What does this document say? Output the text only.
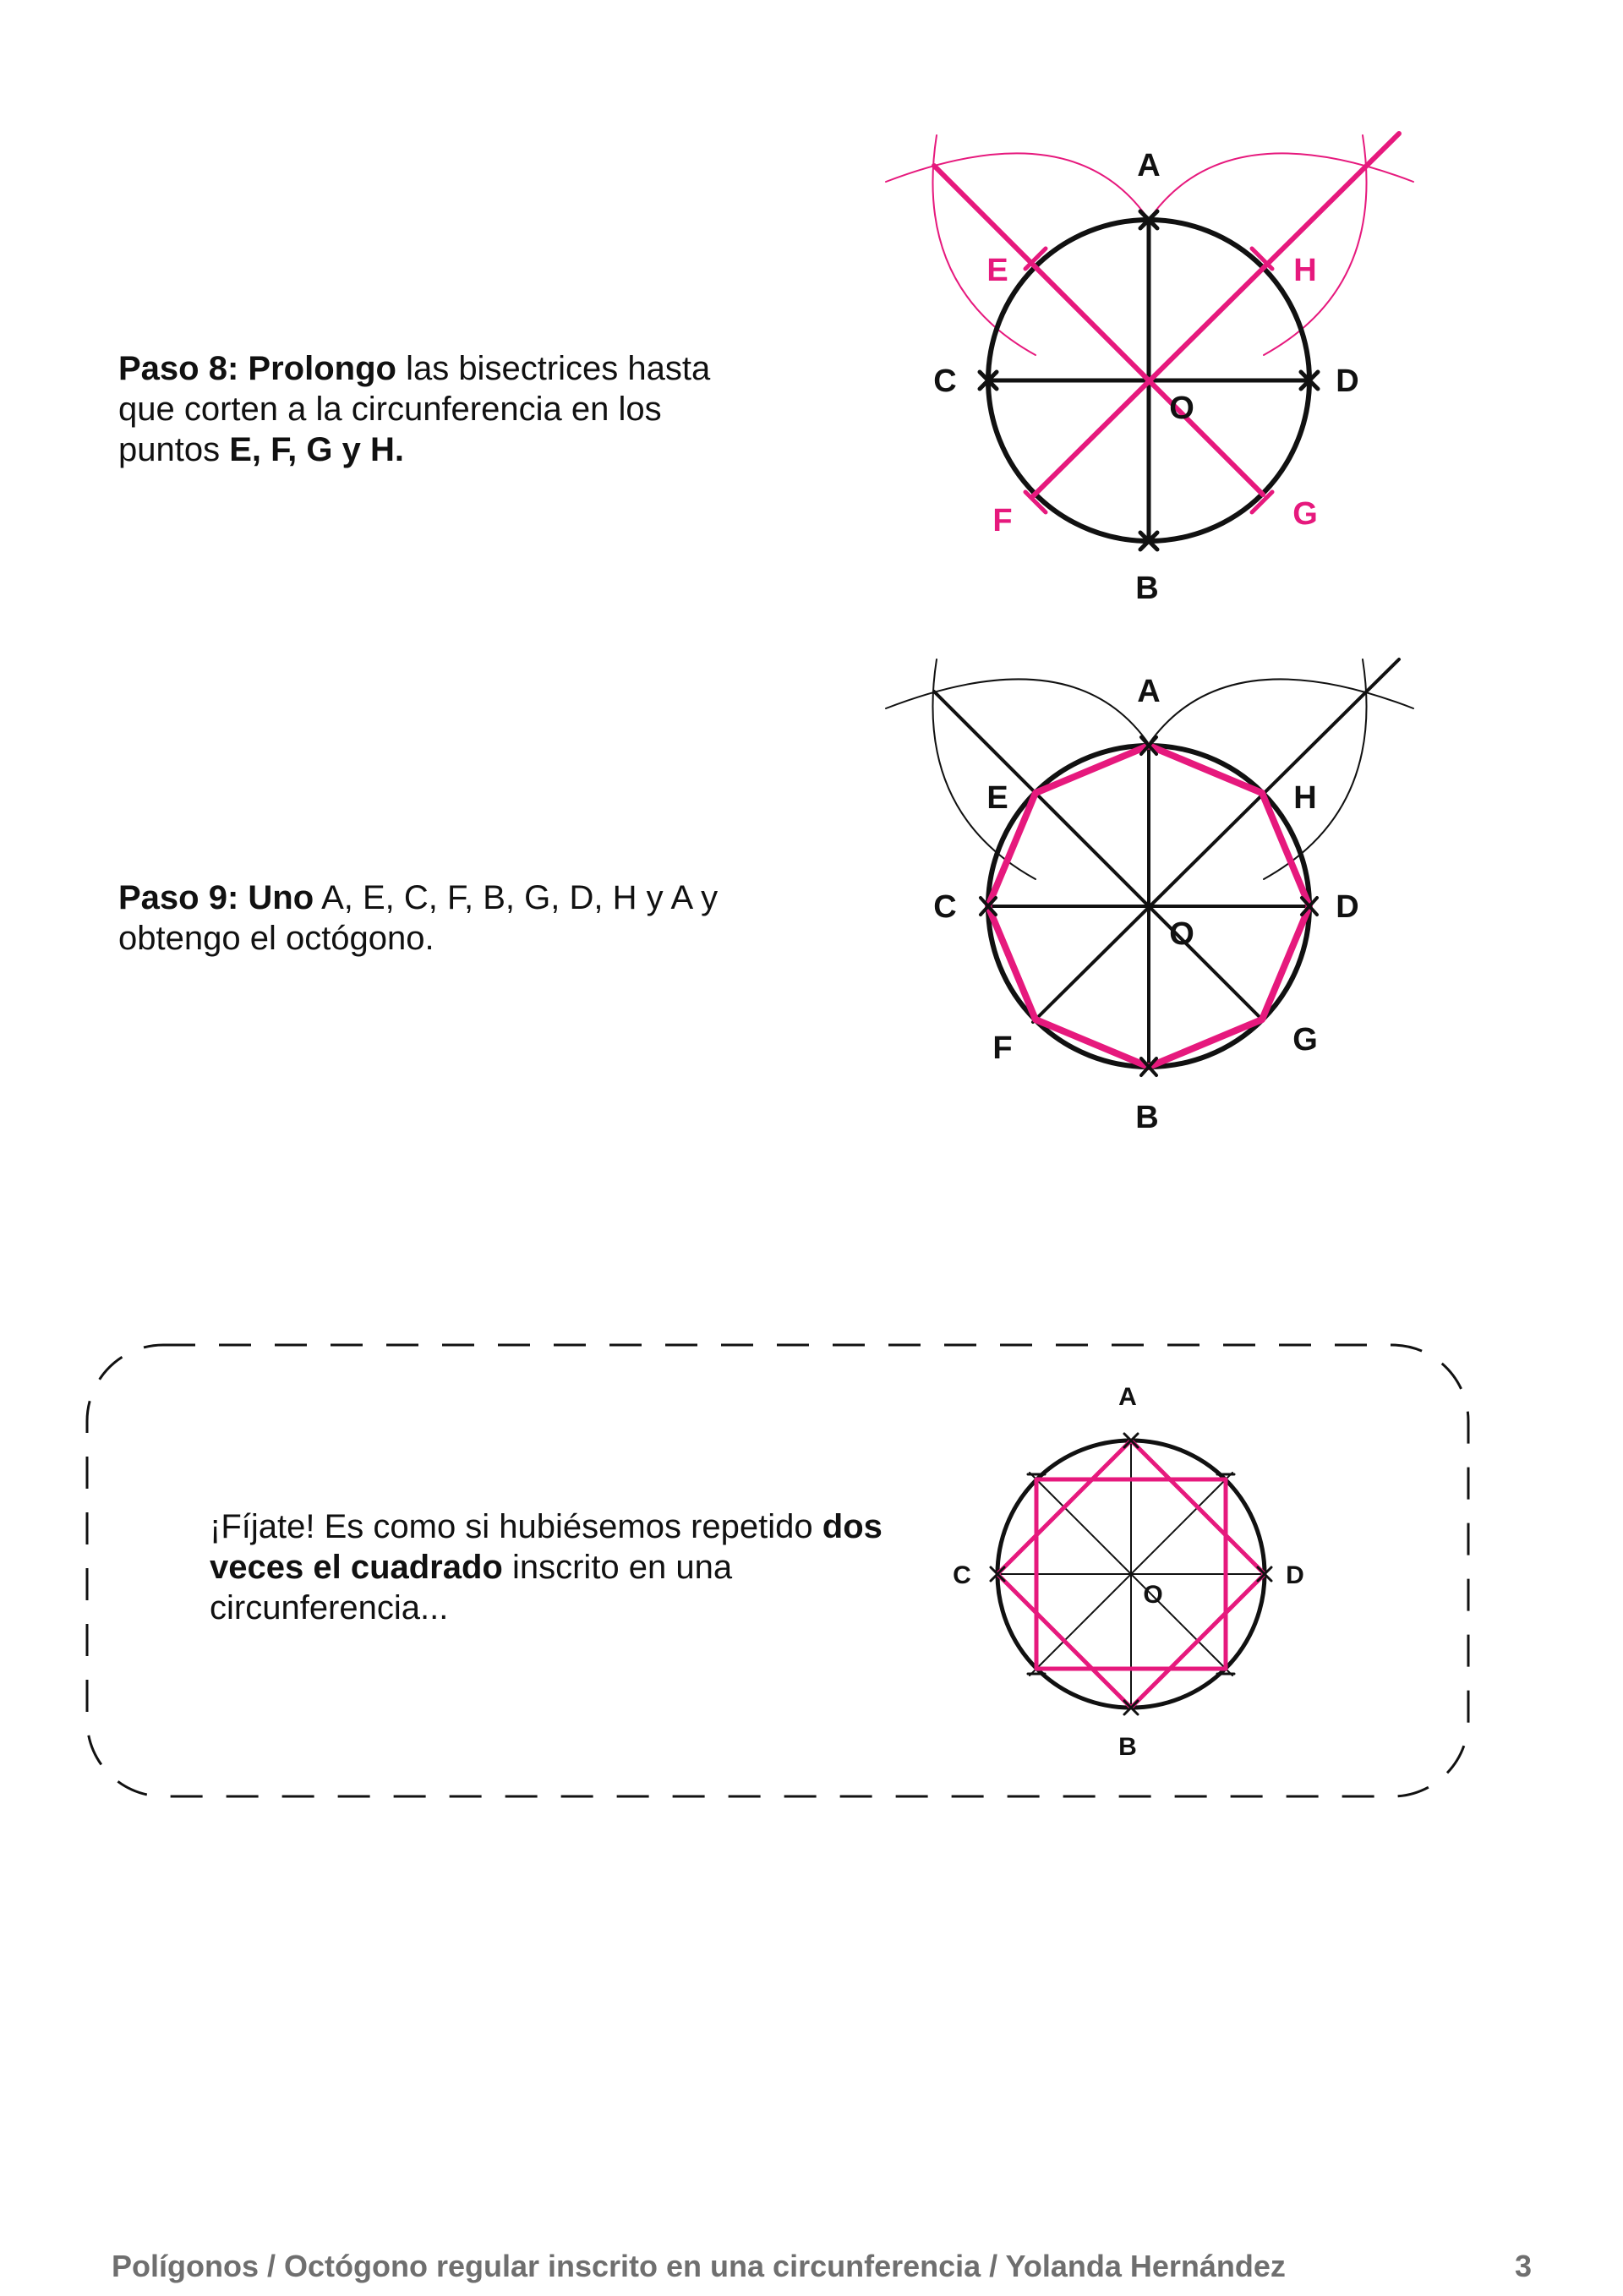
Paso 8: Prolongo las bisectrices hasta que corten a la circunferencia en los puntos E, F, G y H.
A
B
C	D
O
E	H
F	G
Paso 9: Uno A, E, C, F, B, G, D, H y A y obtengo el octógono.
A
B
C	D
O
E	H
F	G
¡Fíjate! Es como si hubiésemos repetido dos veces el cuadrado inscrito en una circunferencia...
A
B
C	D
O
Polígonos / Octógono regular inscrito en una circunferencia / Yolanda Hernández	3
